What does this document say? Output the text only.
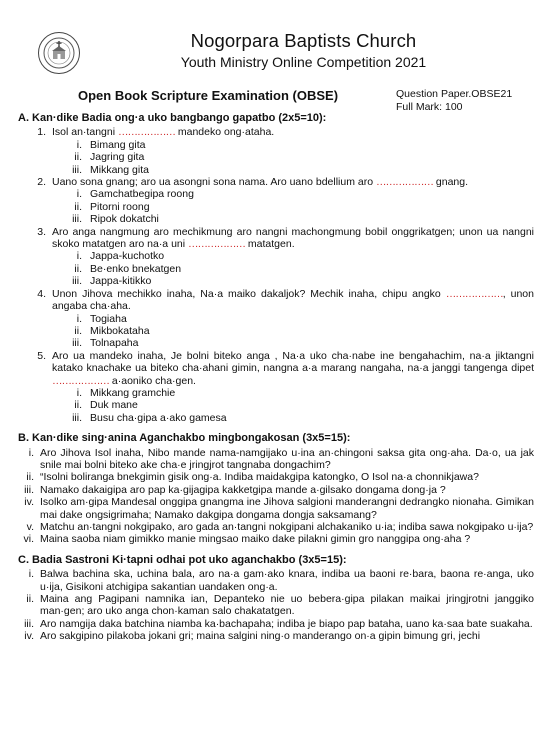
Nogorpara Baptists Church
Youth Ministry Online Competition 2021
Open Book Scripture Examination (OBSE)	Question Paper.OBSE21
Full Mark: 100
A. Kan·dike Badia ong·a uko bangbango gapatbo (2x5=10):
1. Isol an·tangni ……………… mandeko ong·ataha.
i. Bimang gita
ii. Jagring gita
iii. Mikkang gita
2. Uano sona gnang; aro ua asongni sona nama. Aro uano bdellium aro ……………… gnang.
i. Gamchatbegipa roong
ii. Pitorni roong
iii. Ripok dokatchi
3. Aro anga nangmung aro mechikmung aro nangni machongmung bobil onggrikatgen; unon ua nangni skoko matatgen aro na·a uni ……………… matatgen.
i. Jappa-kuchotko
ii. Be·enko bnekatgen
iii. Jappa-kitikko
4. Unon Jihova mechikko inaha, Na·a maiko dakaljok? Mechik inaha, chipu angko ………………, unon angaba cha·aha.
i. Togiaha
ii. Mikbokataha
iii. Tolnapaha
5. Aro ua mandeko inaha, Je bolni biteko anga , Na·a uko cha·nabe ine bengahachim, na·a jiktangni katako knachake ua biteko cha·ahani gimin, nangna a·a marang nangaha, na·a janggi tangenga dipet ……………… a·aoniko cha·gen.
i. Mikkang gramchie
ii. Duk mane
iii. Busu cha·gipa a·ako gamesa
B. Kan·dike sing·anina Aganchakbo mingbongakosan (3x5=15):
i. Aro Jihova Isol inaha, Nibo mande nama-namgijako u·ina an·chingoni saksa gita ong·aha. Da·o, ua jak snile mai bolni biteko ake cha·e jringjrot tangnaba dongachim?
ii. “Isolni boliranga bnekgimin gisik ong·a. Indiba maidakgipa katongko, O Isol na·a chonnikjawa?
iii. Namako dakaigipa aro pap ka·gijagipa kakketgipa mande a·gilsako dongama dong·ja ?
iv. Isolko am·gipa Mandesal onggipa gnangma ine Jihova salgioni manderangni dedrangko nionaha. Gimikan mai dake ongsigrimaha; Namako dakgipa dongama dongja saksamang?
v. Matchu an·tangni nokgipako, aro gada an·tangni nokgipani alchakaniko u·ia; indiba sawa nokgipako u·ija?
vi. Maina saoba niam gimikko manie mingsao maiko dake pilakni gimin gro nanggipa ong·aha ?
C. Badia Sastroni Ki·tapni odhai pot uko aganchakbo (3x5=15):
i. Balwa bachina ska, uchina bala, aro na·a gam·ako knara, indiba ua baoni re·bara, baona re·anga, uko u·ija, Gisikoni atchigipa sakantian uandaken ong·a.
ii. Maina ang Pagipani namnika ian, Depanteko nie uo bebera·gipa pilakan maikai jringjrotni janggiko man·gen; aro uko anga chon·kaman salo chakatatgen.
iii. Aro namgija daka batchina niamba ka·bachapaha; indiba je biapo pap bataha, uano ka·saa bate suakaha.
iv. Aro sakgipino pilakoba jokani gri; maina salgini ning·o manderango on·a gipin bimung gri, jechi
